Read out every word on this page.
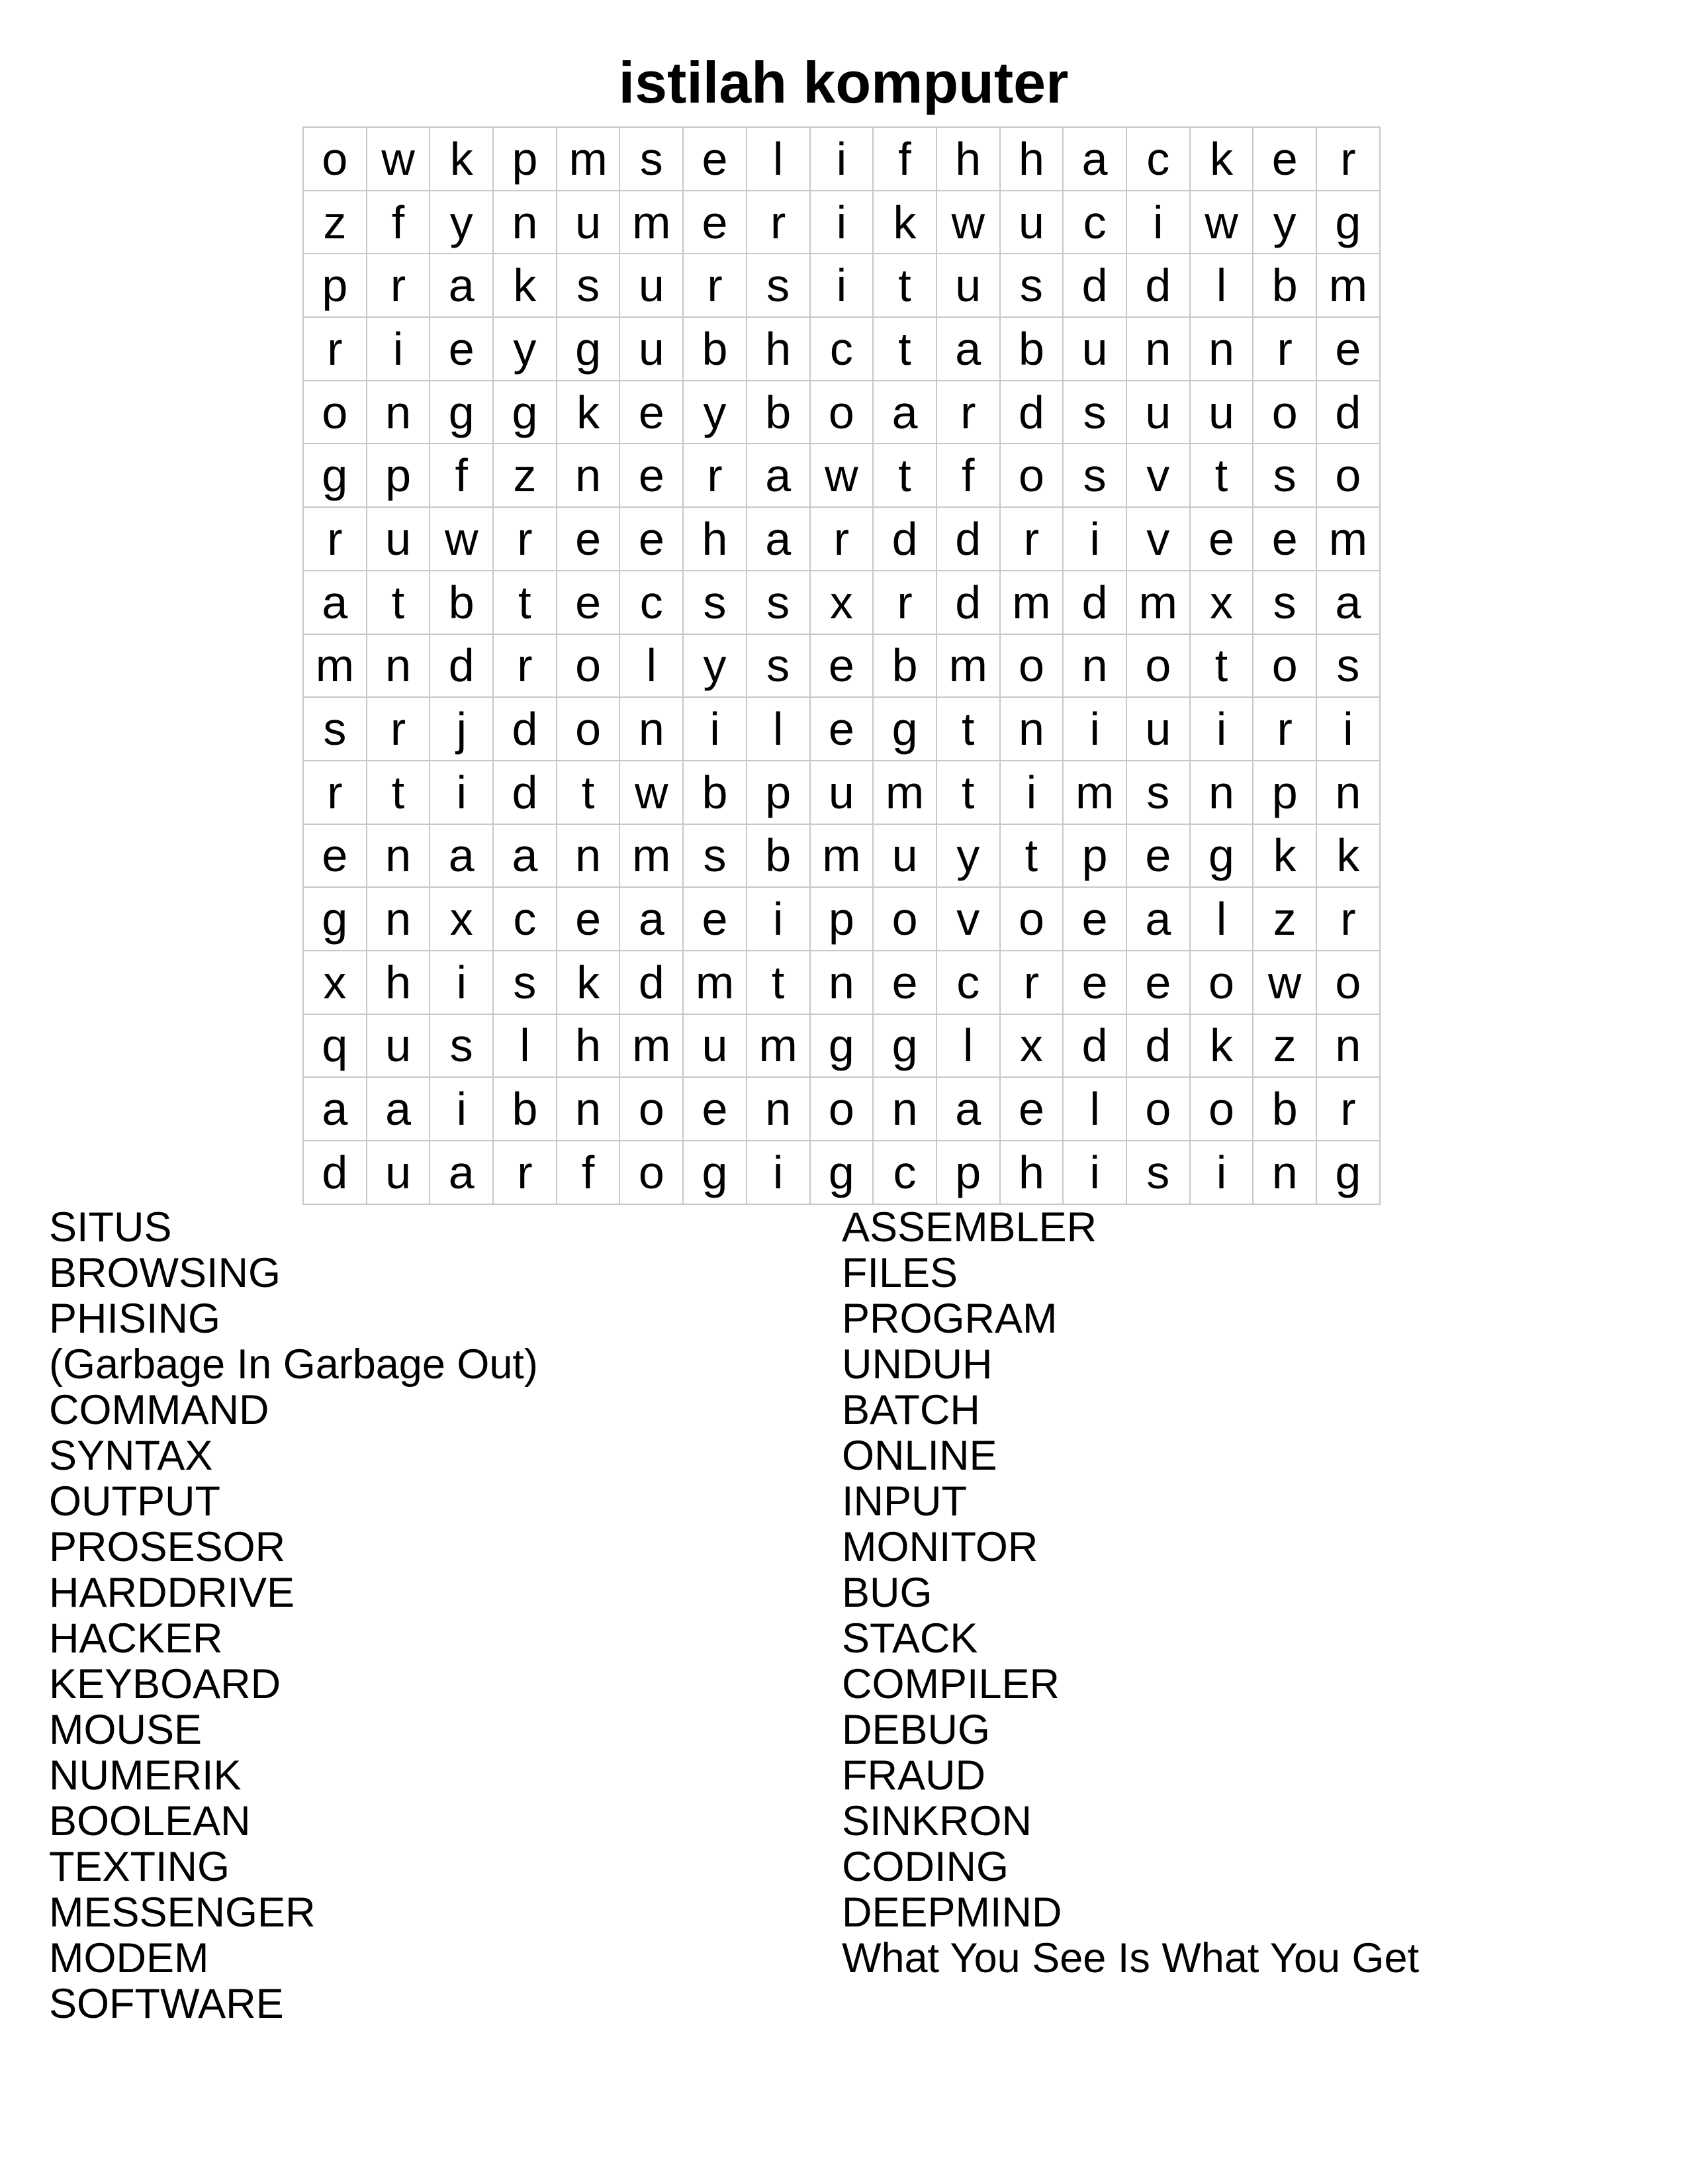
istilah komputer
o w k p m s e l	i	f h h a c k e r
z f y n u m e r	i	k w u c	i w y g
p r a k s u r s	i	t u s d d l b m
r	i e y g u b h c t a b u n n r e
o n g g k e y b o a r d s u u o d
g p f z n e r a w t	f o s v t s o
r u w r e e h a r d d r	i	v e e m
a t b t e c s s x r d m d m x s a
m n d r o l	y s e b m o n o t o s
s r	j d o n i	l e g t n i u i	r	i
r	t	i d t w b p u m t	i m s n p n
e n a a n m s b m u y t p e g k k
g n x c e a e i p o v o e a l	z r
x h i	s k d m t n e c r e e o w o
q u s	l h m u m g g l	x d d k z n
a a i b n o e n o n a e l o o b r
d u a r	f o g i g c p h i	s	i n g
SITUS
BROWSING
PHISING
(Garbage In Garbage Out)
COMMAND
SYNTAX
OUTPUT
PROSESOR
HARDDRIVE
HACKER
KEYBOARD
MOUSE
NUMERIK
BOOLEAN
TEXTING
MESSENGER
MODEM
SOFTWARE
ASSEMBLER
FILES
PROGRAM
UNDUH
BATCH
ONLINE
INPUT
MONITOR
BUG
STACK
COMPILER
DEBUG
FRAUD
SINKRON
CODING
DEEPMIND
What You See Is What You Get
